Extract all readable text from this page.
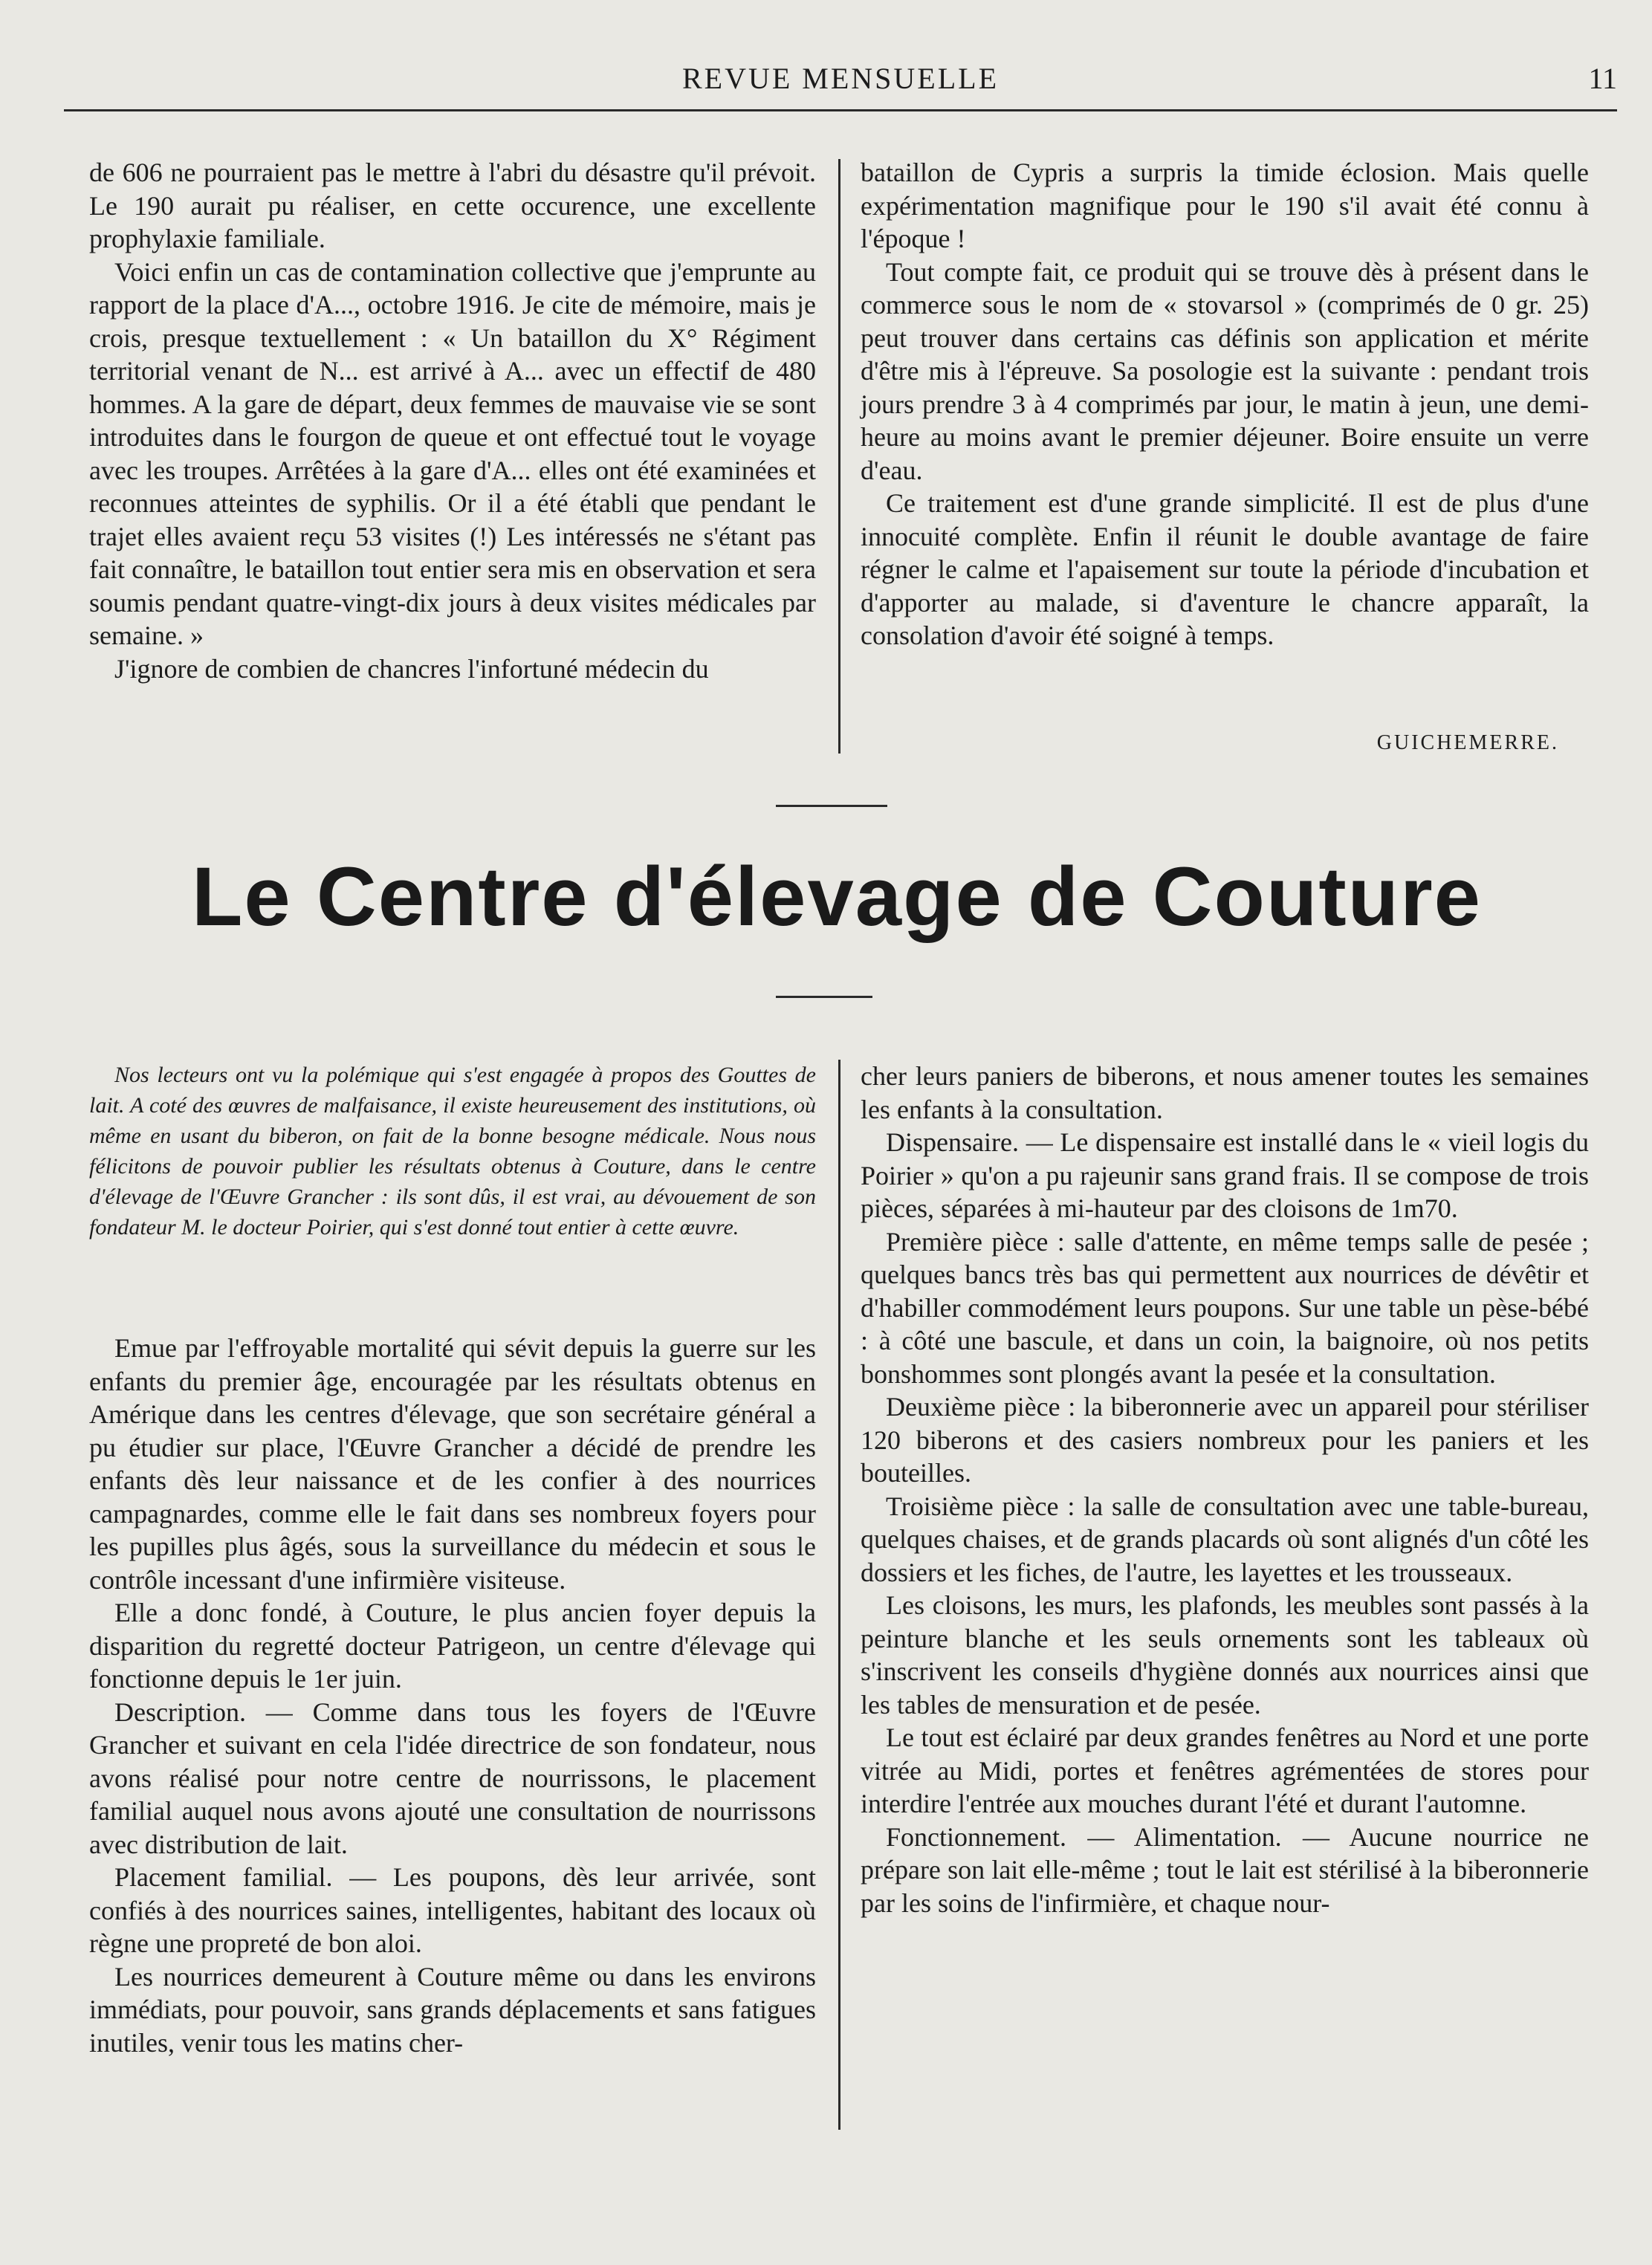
REVUE MENSUELLE	11

de 606 ne pourraient pas le mettre à l'abri du désastre qu'il prévoit. Le 190 aurait pu réaliser, en cette occurence, une excellente prophylaxie familiale.

Voici enfin un cas de contamination collective que j'emprunte au rapport de la place d'A..., octobre 1916. Je cite de mémoire, mais je crois, presque textuellement : « Un bataillon du X° Régiment territorial venant de N... est arrivé à A... avec un effectif de 480 hommes. A la gare de départ, deux femmes de mauvaise vie se sont introduites dans le fourgon de queue et ont effectué tout le voyage avec les troupes. Arrêtées à la gare d'A... elles ont été examinées et reconnues atteintes de syphilis. Or il a été établi que pendant le trajet elles avaient reçu 53 visites (!) Les intéressés ne s'étant pas fait connaître, le bataillon tout entier sera mis en observation et sera soumis pendant quatre-vingt-dix jours à deux visites médicales par semaine. »

J'ignore de combien de chancres l'infortuné médecin du

bataillon de Cypris a surpris la timide éclosion. Mais quelle expérimentation magnifique pour le 190 s'il avait été connu à l'époque !

Tout compte fait, ce produit qui se trouve dès à présent dans le commerce sous le nom de « stovarsol » (comprimés de 0 gr. 25) peut trouver dans certains cas définis son application et mérite d'être mis à l'épreuve. Sa posologie est la suivante : pendant trois jours prendre 3 à 4 comprimés par jour, le matin à jeun, une demi-heure au moins avant le premier déjeuner. Boire ensuite un verre d'eau.

Ce traitement est d'une grande simplicité. Il est de plus d'une innocuité complète. Enfin il réunit le double avantage de faire régner le calme et l'apaisement sur toute la période d'incubation et d'apporter au malade, si d'aventure le chancre apparaît, la consolation d'avoir été soigné à temps.

GUICHEMERRE.
Le Centre d'élevage de Couture

Nos lecteurs ont vu la polémique qui s'est engagée à propos des Gouttes de lait. A coté des œuvres de malfaisance, il existe heureusement des institutions, où même en usant du biberon, on fait de la bonne besogne médicale. Nous nous félicitons de pouvoir publier les résultats obtenus à Couture, dans le centre d'élevage de l'Œuvre Grancher : ils sont dûs, il est vrai, au dévouement de son fondateur M. le docteur Poirier, qui s'est donné tout entier à cette œuvre.

Emue par l'effroyable mortalité qui sévit depuis la guerre sur les enfants du premier âge, encouragée par les résultats obtenus en Amérique dans les centres d'élevage, que son secrétaire général a pu étudier sur place, l'Œuvre Grancher a décidé de prendre les enfants dès leur naissance et de les confier à des nourrices campagnardes, comme elle le fait dans ses nombreux foyers pour les pupilles plus âgés, sous la surveillance du médecin et sous le contrôle incessant d'une infirmière visiteuse.

Elle a donc fondé, à Couture, le plus ancien foyer depuis la disparition du regretté docteur Patrigeon, un centre d'élevage qui fonctionne depuis le 1er juin.

Description. — Comme dans tous les foyers de l'Œuvre Grancher et suivant en cela l'idée directrice de son fondateur, nous avons réalisé pour notre centre de nourrissons, le placement familial auquel nous avons ajouté une consultation de nourrissons avec distribution de lait.

Placement familial. — Les poupons, dès leur arrivée, sont confiés à des nourrices saines, intelligentes, habitant des locaux où règne une propreté de bon aloi.

Les nourrices demeurent à Couture même ou dans les environs immédiats, pour pouvoir, sans grands déplacements et sans fatigues inutiles, venir tous les matins cher-

cher leurs paniers de biberons, et nous amener toutes les semaines les enfants à la consultation.

Dispensaire. — Le dispensaire est installé dans le « vieil logis du Poirier » qu'on a pu rajeunir sans grand frais. Il se compose de trois pièces, séparées à mi-hauteur par des cloisons de 1m70.

Première pièce : salle d'attente, en même temps salle de pesée ; quelques bancs très bas qui permettent aux nourrices de dévêtir et d'habiller commodément leurs poupons. Sur une table un pèse-bébé : à côté une bascule, et dans un coin, la baignoire, où nos petits bonshommes sont plongés avant la pesée et la consultation.

Deuxième pièce : la biberonnerie avec un appareil pour stériliser 120 biberons et des casiers nombreux pour les paniers et les bouteilles.

Troisième pièce : la salle de consultation avec une table-bureau, quelques chaises, et de grands placards où sont alignés d'un côté les dossiers et les fiches, de l'autre, les layettes et les trousseaux.

Les cloisons, les murs, les plafonds, les meubles sont passés à la peinture blanche et les seuls ornements sont les tableaux où s'inscrivent les conseils d'hygiène donnés aux nourrices ainsi que les tables de mensuration et de pesée.

Le tout est éclairé par deux grandes fenêtres au Nord et une porte vitrée au Midi, portes et fenêtres agrémentées de stores pour interdire l'entrée aux mouches durant l'été et durant l'automne.

Fonctionnement. — Alimentation. — Aucune nourrice ne prépare son lait elle-même ; tout le lait est stérilisé à la biberonnerie par les soins de l'infirmière, et chaque nour-
